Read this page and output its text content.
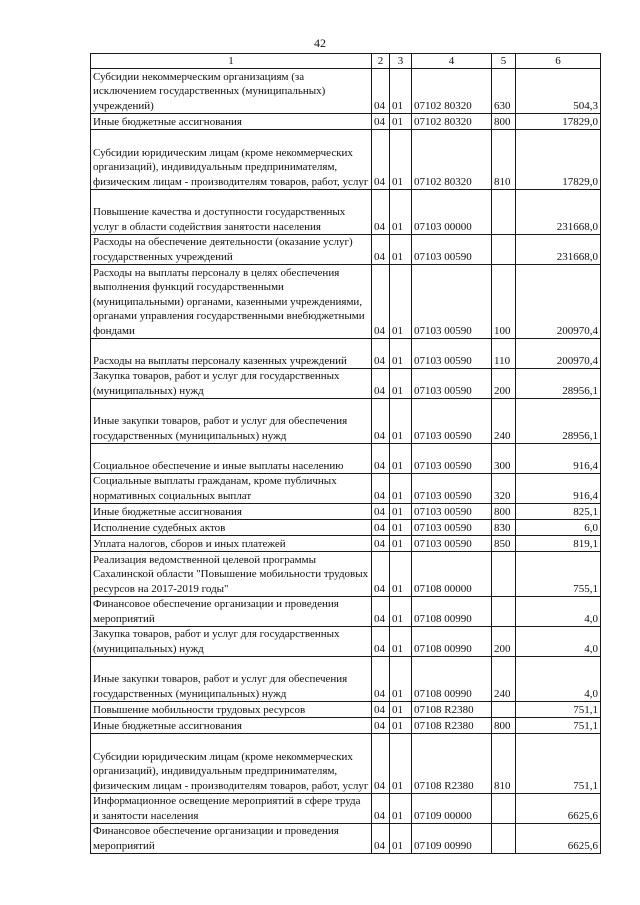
42
1	2	3	4	5	6
Субсидии некоммерческим организациям (за исключением государственных (муниципальных) учреждений)	04	01	07102 80320	630	504,3
Иные бюджетные ассигнования	04	01	07102 80320	800	17829,0
Субсидии юридическим лицам (кроме некоммерческих организаций), индивидуальным предпринимателям, физическим лицам - производителям товаров, работ, услуг	04	01	07102 80320	810	17829,0
Повышение качества и доступности государственных услуг в области содействия занятости населения	04	01	07103 00000		231668,0
Расходы на обеспечение деятельности (оказание услуг) государственных учреждений	04	01	07103 00590		231668,0
Расходы на выплаты персоналу в целях обеспечения выполнения функций государственными (муниципальными) органами, казенными учреждениями, органами управления государственными внебюджетными фондами	04	01	07103 00590	100	200970,4
Расходы на выплаты персоналу казенных учреждений	04	01	07103 00590	110	200970,4
Закупка товаров, работ и услуг для государственных (муниципальных) нужд	04	01	07103 00590	200	28956,1
Иные закупки товаров, работ и услуг для обеспечения государственных (муниципальных) нужд	04	01	07103 00590	240	28956,1
Социальное обеспечение и иные выплаты населению	04	01	07103 00590	300	916,4
Социальные выплаты гражданам, кроме публичных нормативных социальных выплат	04	01	07103 00590	320	916,4
Иные бюджетные ассигнования	04	01	07103 00590	800	825,1
Исполнение судебных актов	04	01	07103 00590	830	6,0
Уплата налогов, сборов и иных платежей	04	01	07103 00590	850	819,1
Реализация ведомственной целевой программы Сахалинской области "Повышение мобильности трудовых ресурсов на 2017-2019 годы"	04	01	07108 00000		755,1
Финансовое обеспечение организации и проведения мероприятий	04	01	07108 00990		4,0
Закупка товаров, работ и услуг для государственных (муниципальных) нужд	04	01	07108 00990	200	4,0
Иные закупки товаров, работ и услуг для обеспечения государственных (муниципальных) нужд	04	01	07108 00990	240	4,0
Повышение мобильности трудовых ресурсов	04	01	07108 R2380		751,1
Иные бюджетные ассигнования	04	01	07108 R2380	800	751,1
Субсидии юридическим лицам (кроме некоммерческих организаций), индивидуальным предпринимателям, физическим лицам - производителям товаров, работ, услуг	04	01	07108 R2380	810	751,1
Информационное освещение мероприятий в сфере труда и занятости населения	04	01	07109 00000		6625,6
Финансовое обеспечение организации и проведения мероприятий	04	01	07109 00990		6625,6
